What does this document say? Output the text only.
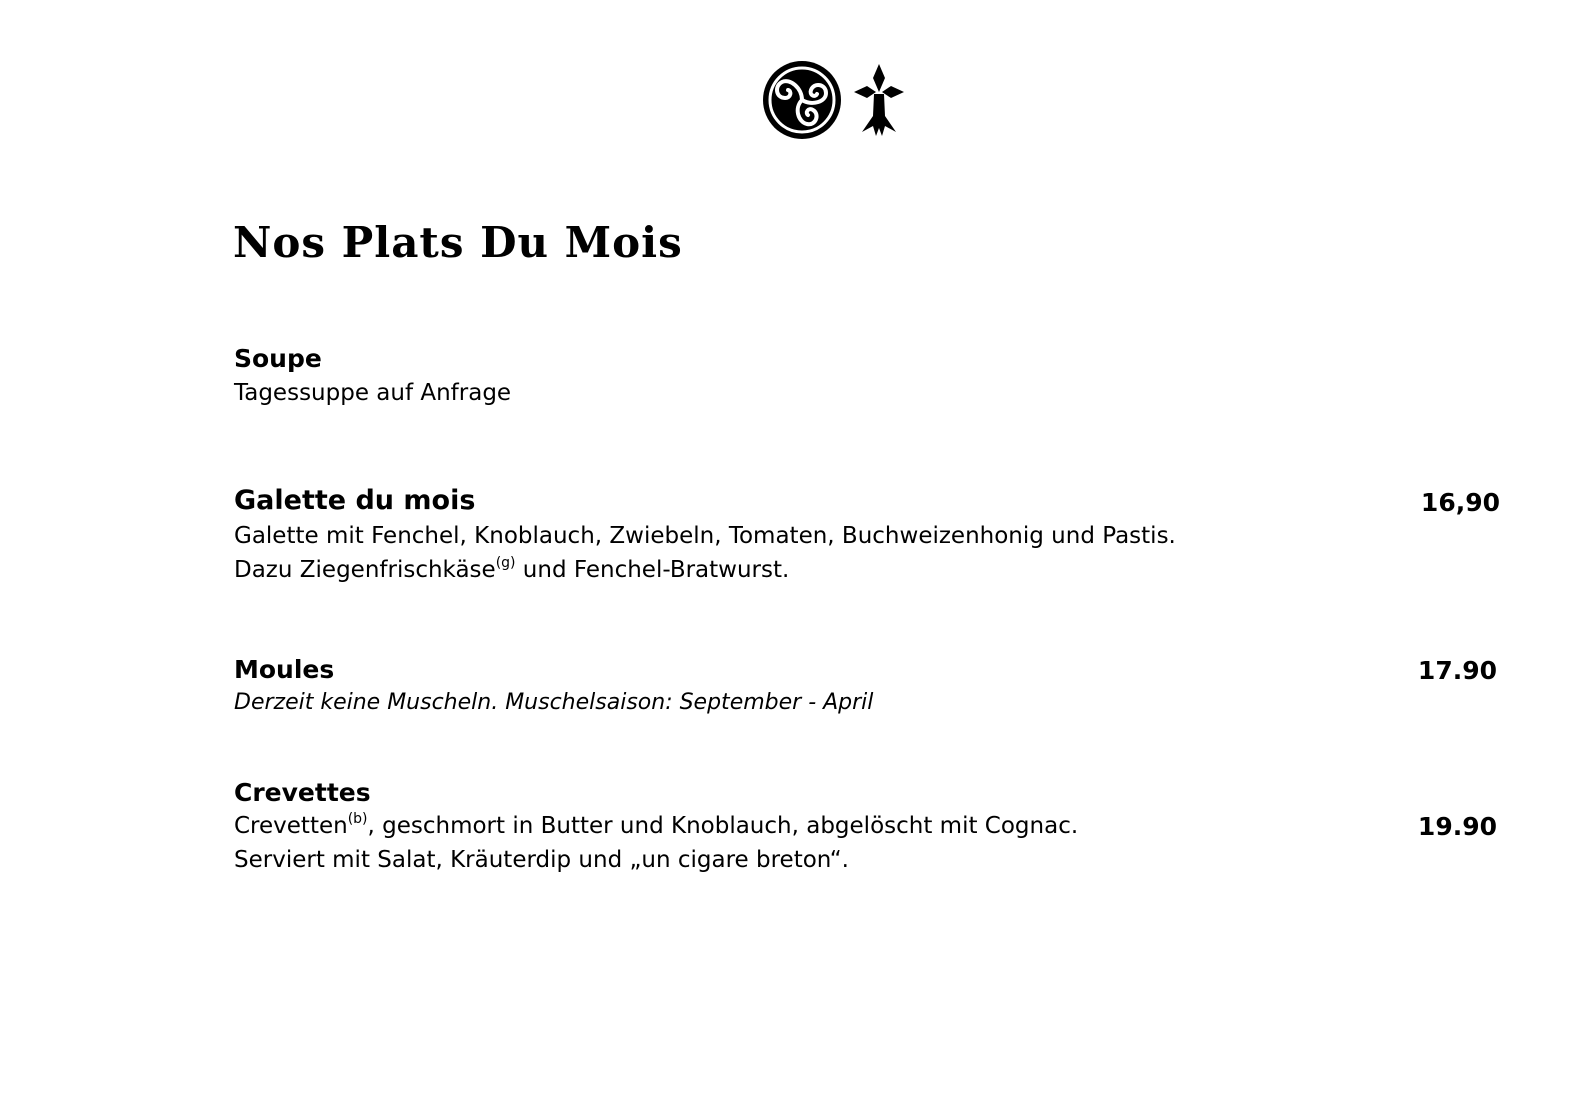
Nos Plats Du Mois
Soupe
Tagessuppe auf Anfrage
Galette du mois	16,90
Galette mit Fenchel, Knoblauch, Zwiebeln, Tomaten, Buchweizenhonig und Pastis.
Dazu Ziegenfrischkäse$^{(g)}$ und Fenchel-Bratwurst.
Moules	17.90
Derzeit keine Muscheln. Muschelsaison: September - April
Crevettes
19.90
Crevetten$^{(b)}$, geschmort in Butter und Knoblauch, abgelöscht mit Cognac.
Serviert mit Salat, Kräuterdip und „un cigare breton“.
